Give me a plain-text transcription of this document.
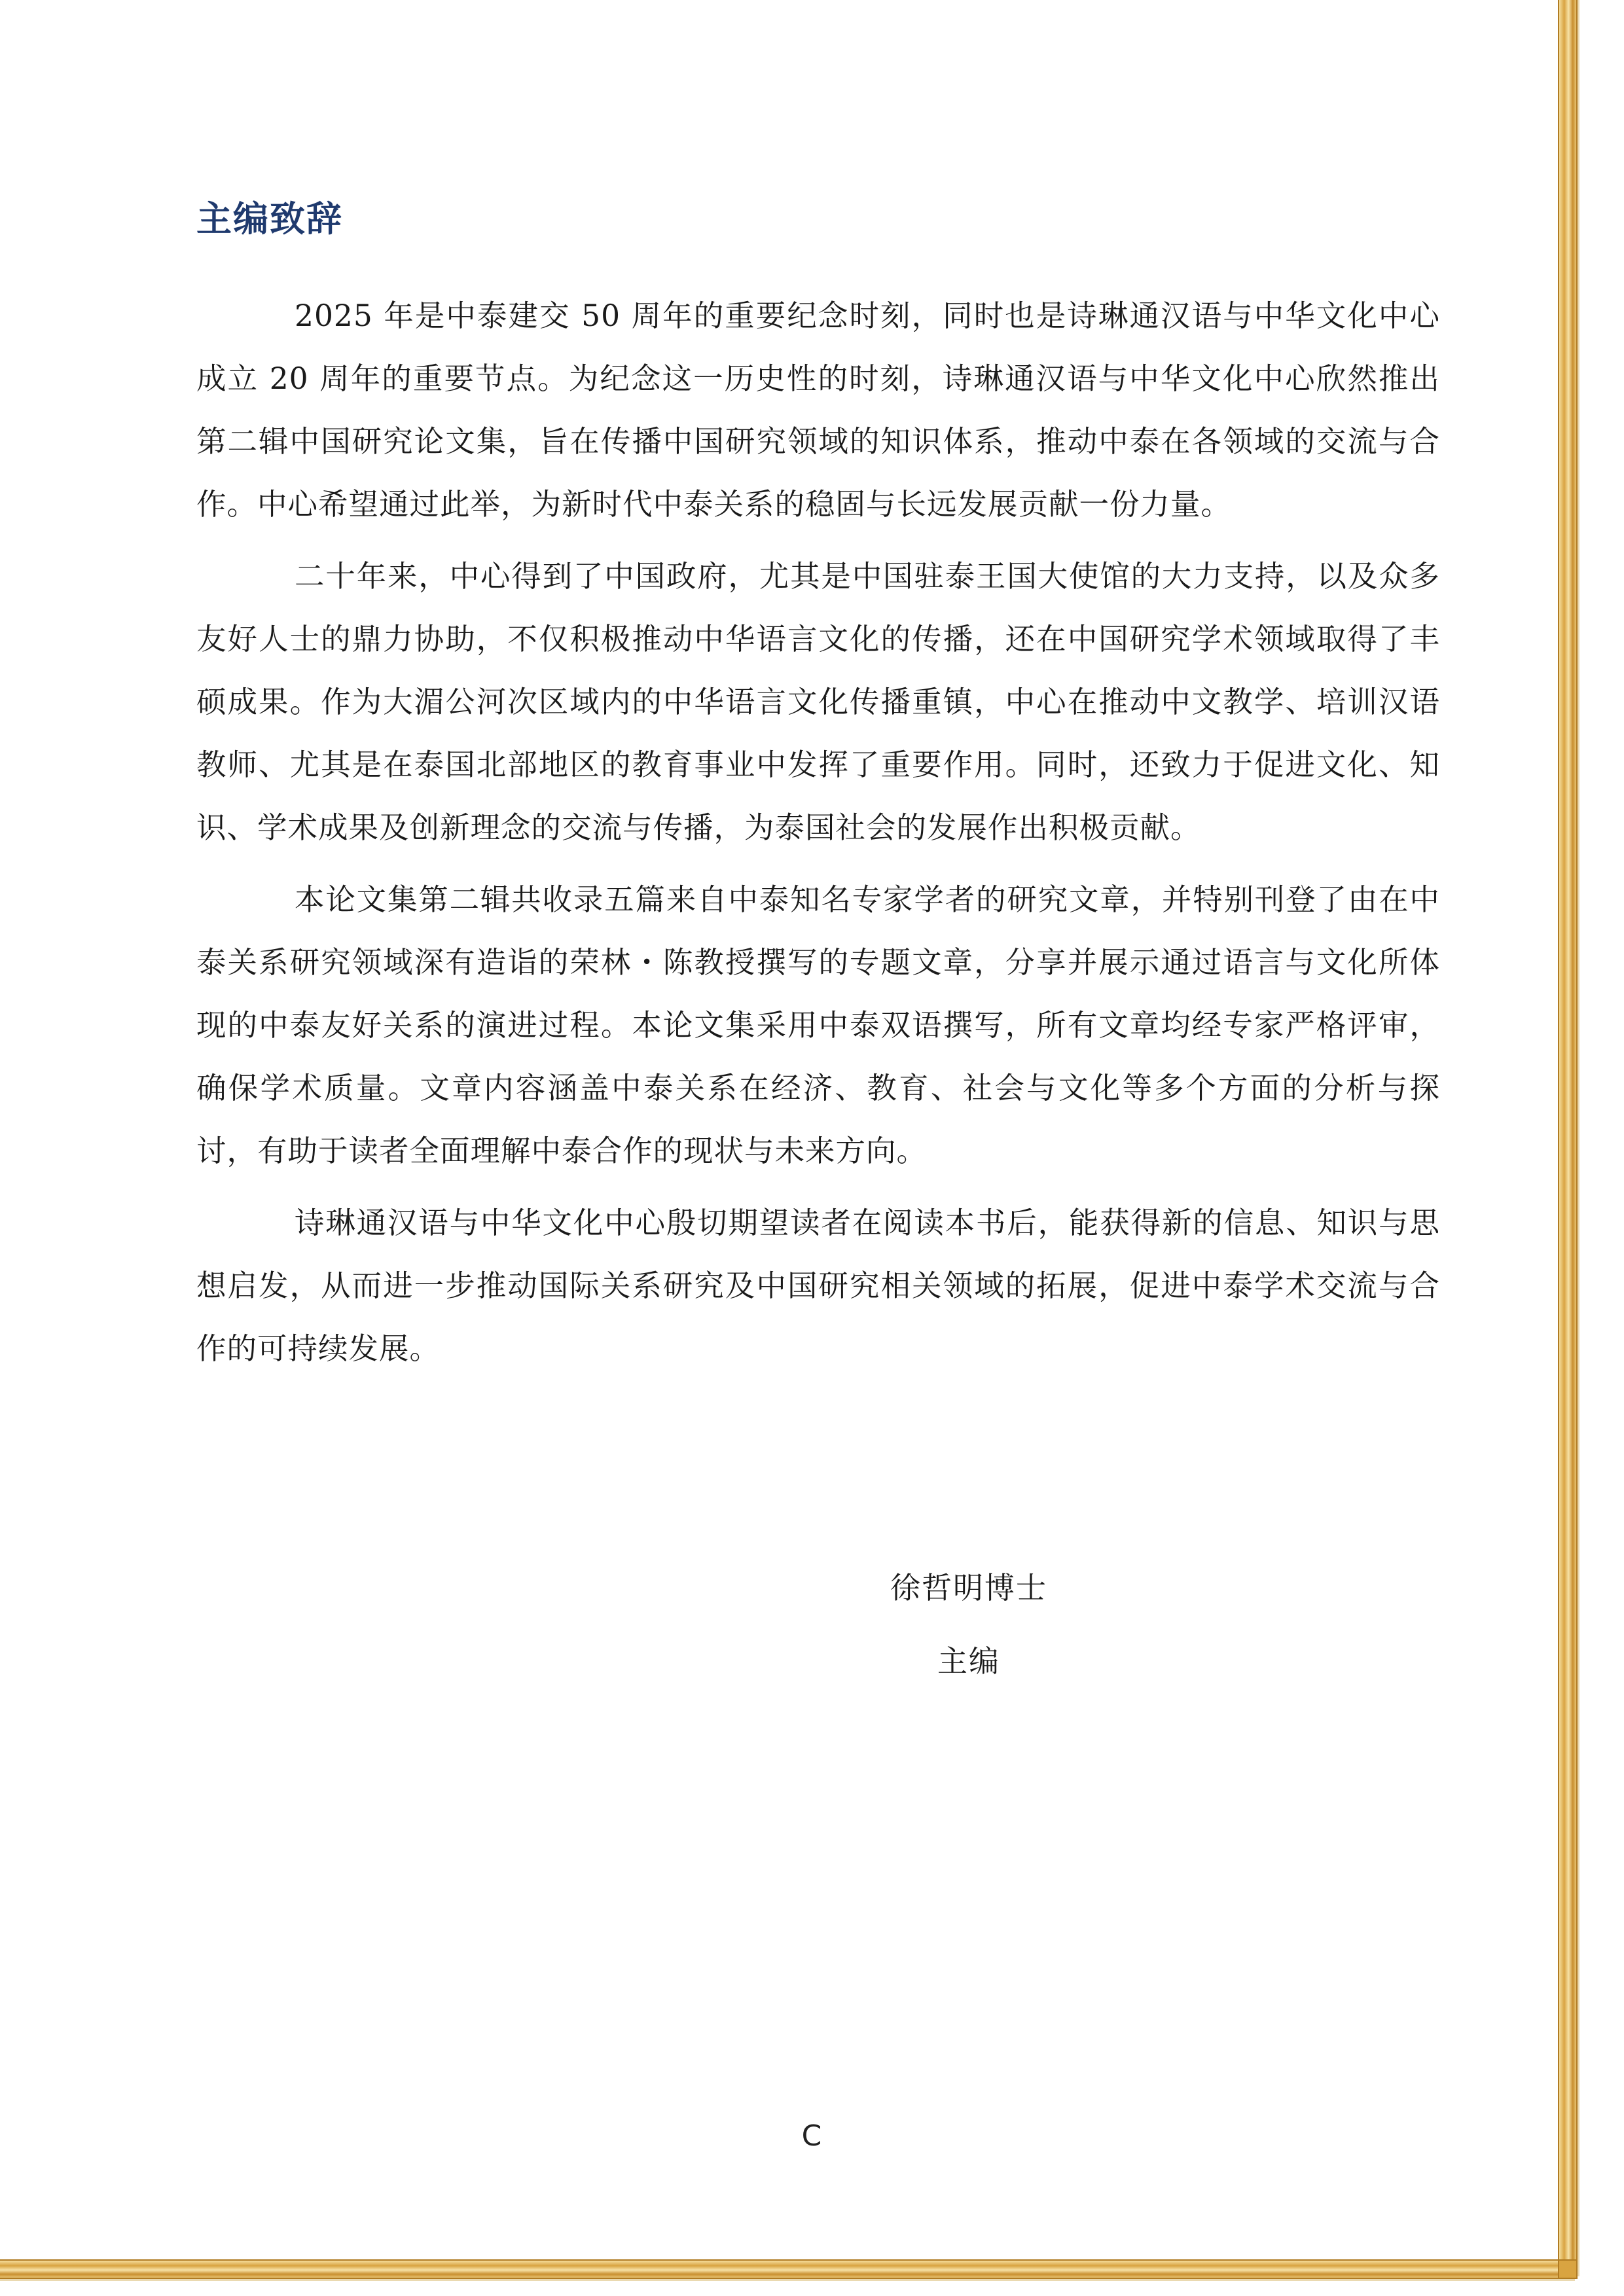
主编致辞

2025 年是中泰建交 50 周年的重要纪念时刻，同时也是诗琳通汉语与中华文化中心成立 20 周年的重要节点。为纪念这一历史性的时刻，诗琳通汉语与中华文化中心欣然推出第二辑中国研究论文集，旨在传播中国研究领域的知识体系，推动中泰在各领域的交流与合作。中心希望通过此举，为新时代中泰关系的稳固与长远发展贡献一份力量。

二十年来，中心得到了中国政府，尤其是中国驻泰王国大使馆的大力支持，以及众多友好人士的鼎力协助，不仅积极推动中华语言文化的传播，还在中国研究学术领域取得了丰硕成果。作为大湄公河次区域内的中华语言文化传播重镇，中心在推动中文教学、培训汉语教师、尤其是在泰国北部地区的教育事业中发挥了重要作用。同时，还致力于促进文化、知识、学术成果及创新理念的交流与传播，为泰国社会的发展作出积极贡献。

本论文集第二辑共收录五篇来自中泰知名专家学者的研究文章，并特别刊登了由在中泰关系研究领域深有造诣的荣林・陈教授撰写的专题文章，分享并展示通过语言与文化所体现的中泰友好关系的演进过程。本论文集采用中泰双语撰写，所有文章均经专家严格评审，确保学术质量。文章内容涵盖中泰关系在经济、教育、社会与文化等多个方面的分析与探讨，有助于读者全面理解中泰合作的现状与未来方向。

诗琳通汉语与中华文化中心殷切期望读者在阅读本书后，能获得新的信息、知识与思想启发，从而进一步推动国际关系研究及中国研究相关领域的拓展，促进中泰学术交流与合作的可持续发展。

徐哲明博士
主编
C
